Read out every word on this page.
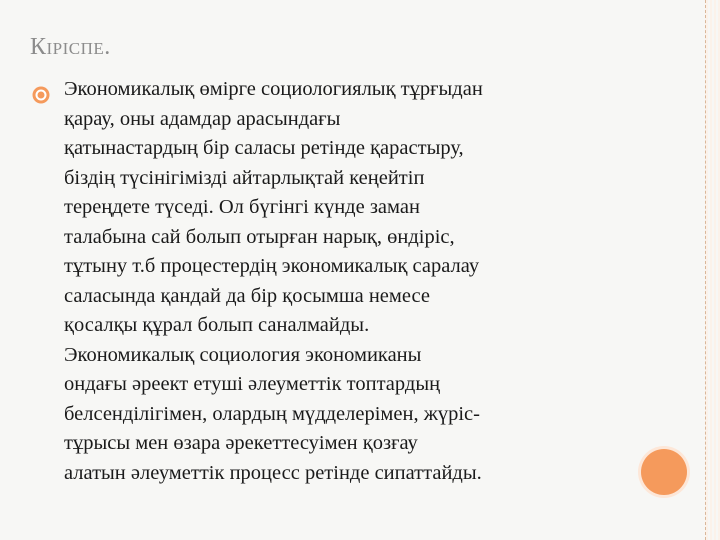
Кіріспе.

Экономикалық өмірге социологиялық тұрғыдан
қарау, оны адамдар арасындағы
қатынастардың бір саласы ретінде қарастыру,
біздің түсінігімізді айтарлықтай кеңейтіп
тереңдете түседі. Ол бүгінгі күнде заман
талабына сай болып отырған нарық, өндіріс,
тұтыну т.б процестердің экономикалық саралау
саласында қандай да бір қосымша немесе
қосалқы құрал болып саналмайды.
Экономикалық социология экономиканы
ондағы әреект етуші әлеуметтік топтардың
белсенділігімен, олардың мүдделерімен, жүріс-
тұрысы мен өзара әрекеттесуімен қозғау
алатын әлеуметтік процесс ретінде сипаттайды.
